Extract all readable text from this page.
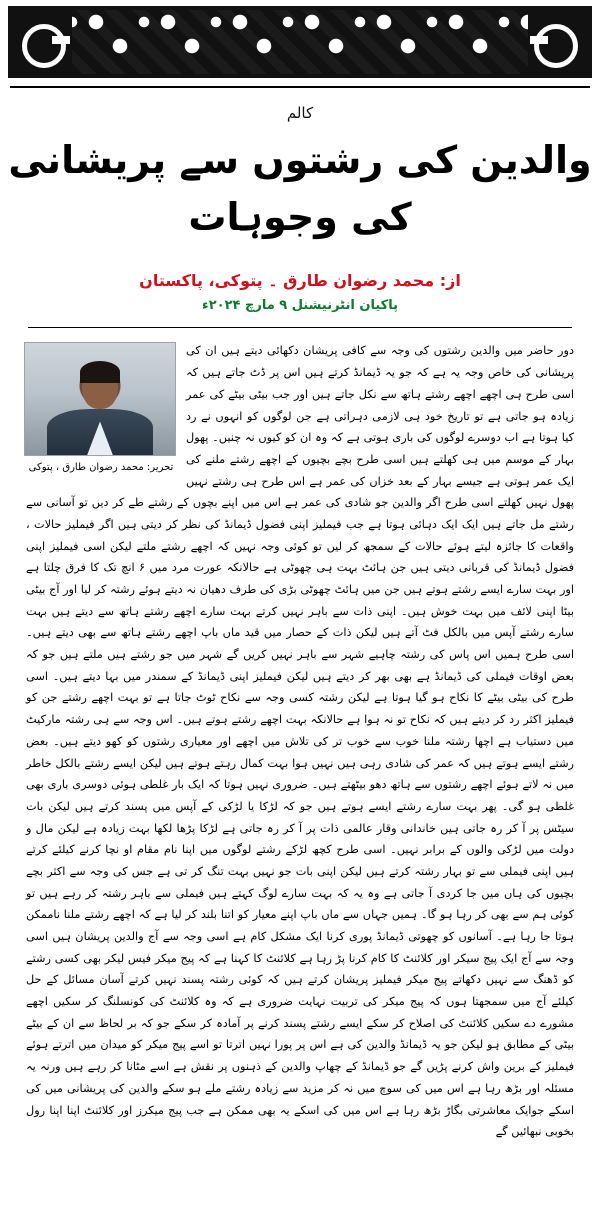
کالم
والدین کی رشتوں سے پریشانی کی وجوہات
از: محمد رضوان طارق ۔ پتوکی، پاکستان
پاکیان انٹرنیشنل ۹ مارچ ۲۰۲۴ء
تحریر: محمد رضوان طارق ، پتوکی

دور حاضر میں والدین رشتوں کی وجہ سے کافی پریشان دکھائی دیتے ہیں ان کی پریشانی کی خاص وجہ یہ ہے کہ جو یہ ڈیمانڈ کرتے ہیں اس پر ڈٹ جاتے ہیں کہ اسی طرح ہی اچھے اچھے رشتے ہاتھ سے نکل جاتے ہیں اور جب بیٹی بیٹے کی عمر زیادہ ہو جاتی ہے تو تاریخ خود ہی لازمی دہراتی ہے جن لوگوں کو انہوں نے رد کیا ہوتا ہے اب دوسرے لوگوں کی باری ہوتی ہے کہ وہ ان کو کیوں نہ چنیں۔ پھول بہار کے موسم میں ہی کھلتے ہیں اسی طرح بچے بچیوں کے اچھے رشتے ملنے کی ایک عمر ہوتی ہے جیسے بہار کے بعد خزاں کی عمر ہے اس طرح ہی رشتے نہیں پھول نہیں کھلتے اسی طرح اگر والدین جو شادی کی عمر ہے اس میں اپنے بچوں کے رشتے طے کر دیں تو آسانی سے رشتے مل جاتے ہیں ایک ایک دہائی ہوتا ہے جب فیملیز اپنی فضول ڈیمانڈ کی نظر کر دیتی ہیں اگر فیملیز حالات ، واقعات کا جائزہ لیتے ہوئے حالات کے سمجھ کر لیں تو کوئی وجہ نہیں کہ اچھے رشتے ملتے لیکن اسی فیملیز اپنی فضول ڈیمانڈ کی قربانی دیتی ہیں جن ہائٹ بہت ہی چھوٹی ہے حالانکہ عورت مرد میں ۶ انچ تک کا فرق چلتا ہے اور بہت سارے ایسے رشتے ہوتے ہیں جن میں ہائٹ چھوٹی بڑی کی طرف دھیان نہ دیتے ہوئے رشتہ کر لیا اور آج بیٹی بیٹا اپنی لائف میں بہت خوش ہیں۔ اپنی ذات سے باہر نہیں کرتے بہت سارے اچھے رشتے ہاتھ سے دیتے ہیں بہت سارے رشتے آپس میں بالکل فٹ آتے ہیں لیکن ذات کے حصار میں قید ماں باپ اچھے رشتے ہاتھ سے بھی دیتے ہیں۔ اسی طرح ہمیں اس پاس کی رشتہ چاہیے شہر سے باہر نہیں کریں گے شہر میں جو رشتے ہیں ملتے ہیں جو کہ بعض اوقات فیملی کی ڈیمانڈ ہے بھی بھر کر دیتے ہیں لیکن فیملیز اپنی ڈیمانڈ کے سمندر میں بہا دیتے ہیں۔ اسی طرح کی بیٹی بیٹے کا نکاح ہو گیا ہوتا ہے لیکن رشتہ کسی وجہ سے نکاح ٹوٹ جاتا ہے تو بہت اچھے رشتے جن کو فیملیز اکثر رد کر دیتے ہیں کہ نکاح تو نہ ہوا ہے حالانکہ بہت اچھے رشتے ہوتے ہیں۔ اس وجہ سے ہی رشتہ مارکیٹ میں دستیاب ہے اچھا رشتہ ملنا خوب سے خوب تر کی تلاش میں اچھے اور معیاری رشتوں کو کھو دیتے ہیں۔ بعض رشتے ایسے ہوتے ہیں کہ عمر کی شادی رہی ہیں نہیں ہوا بہت کمال رہتے ہوتے ہیں لیکن ایسے رشتے بالکل خاطر میں نہ لاتے ہوئے اچھے رشتوں سے ہاتھ دھو بیٹھتے ہیں۔ ضروری نہیں ہوتا کہ ایک بار غلطی ہوئی دوسری باری بھی غلطی ہو گی۔ پھر بہت سارے رشتے ایسے ہوتے ہیں جو کہ لڑکا یا لڑکی کے آپس میں پسند کرتے ہیں لیکن بات سیٹس پر آ کر رہ جاتی ہیں خاندانی وقار عالمی ذات پر آ کر رہ جاتی ہے لڑکا پڑھا لکھا بہت زیادہ ہے لیکن مال و دولت میں لڑکی والوں کے برابر نہیں۔ اسی طرح کچھ لڑکے رشتے لوگوں میں اپنا نام مقام او نچا کرنے کیلئے کرتے ہیں اپنی فیملی سے تو بہار رشتہ کرتے ہیں لیکن اپنی بات جو نہیں بہت تنگ کر تی ہے جس کی وجہ سے اکثر بچے بچیوں کی ہاں میں جا کردی آ جاتی ہے وہ یہ کہ بہت سارے لوگ کہتے ہیں فیملی سے باہر رشتہ کر رہے ہیں تو کوئی ہم سے بھی کر رہا ہو گا۔ ہمیں جہاں سے ماں باپ اپنے معیار کو اتنا بلند کر لیا ہے کہ اچھے رشتے ملنا ناممکن ہوتا جا رہا ہے۔ آسانوں کو چھوتی ڈیمانڈ پوری کرنا ایک مشکل کام ہے اسی وجہ سے آج والدین پریشان ہیں اسی وجہ سے آج ایک پیج سیکر اور کلائنٹ کا کام کرنا پڑ رہا ہے کلائنٹ کا کہنا ہے کہ پیج میکر فیس لیکر بھی کسی رشتے کو ڈھنگ سے نہیں دکھاتے پیج میکر فیملیز پریشان کرتے ہیں کہ کوئی رشتہ پسند نہیں کرتے آسان مسائل کے حل کیلئے آج میں سمجھتا ہوں کہ پیج میکر کی تربیت نہایت ضروری ہے کہ وہ کلائنٹ کی کونسلنگ کر سکیں اچھے مشورے دے سکیں کلائنٹ کی اصلاح کر سکے ایسے رشتے پسند کرنے پر آمادہ کر سکے جو کہ بر لحاظ سے ان کے بیٹے بیٹی کے مطابق ہو لیکن جو یہ ڈیمانڈ والدین کی ہے اس پر پورا نہیں اترتا تو اسے پیج میکر کو میدان میں اترتے ہوئے فیملیز کے برین واش کرنے پڑیں گے جو ڈیمانڈ کے چھاپ والدین کے ذہنوں پر نقش ہے اسے مٹانا کر رہے ہیں ورنہ یہ مسئلہ اور بڑھ رہا ہے اس میں کی سوچ میں نہ کر مزید سے زیادہ رشتے ملے ہو سکے والدین کی پریشانی میں کی اسکے جوایک معاشرتی بگاڑ بڑھ رہا ہے اس میں کی اسکے یہ بھی ممکن ہے جب پیج میکرز اور کلائنٹ اپنا اپنا رول بخوبی نبھائیں گے
